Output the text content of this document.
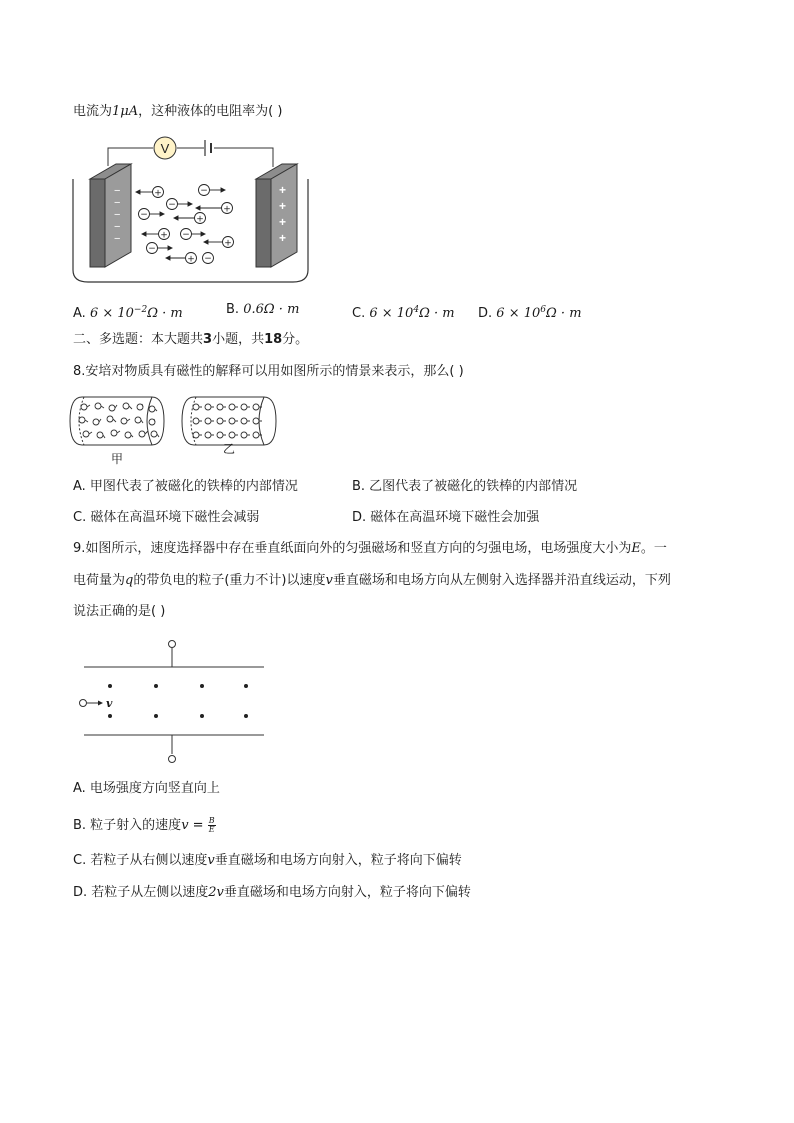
电流为1μA，这种液体的电阻率为( )
V
−
−
−
−
−
+
+
+
+
+	−
−	+
−	+
+ −
+
−
+ −
A. $6 \times 10^{-2}\Omega \cdot m$	B. 0.6Ω · m	C. $6 \times 10^4\Omega \cdot m$ D. $6 \times 10^6\Omega \cdot m$
二、多选题：本大题共3小题，共18分。
8.安培对物质具有磁性的解释可以用如图所示的情景来表示，那么( )
甲
乙
A. 甲图代表了被磁化的铁棒的内部情况	B. 乙图代表了被磁化的铁棒的内部情况
C. 磁体在高温环境下磁性会减弱	D. 磁体在高温环境下磁性会加强
9.如图所示，速度选择器中存在垂直纸面向外的匀强磁场和竖直方向的匀强电场，电场强度大小为E。一
电荷量为q的带负电的粒子(重力不计)以速度v垂直磁场和电场方向从左侧射入选择器并沿直线运动，下列
说法正确的是( )
v
A. 电场强度方向竖直向上
B. 粒子射入的速度$v = \frac{B}{E}$
C. 若粒子从右侧以速度v垂直磁场和电场方向射入，粒子将向下偏转
D. 若粒子从左侧以速度2v垂直磁场和电场方向射入，粒子将向下偏转
